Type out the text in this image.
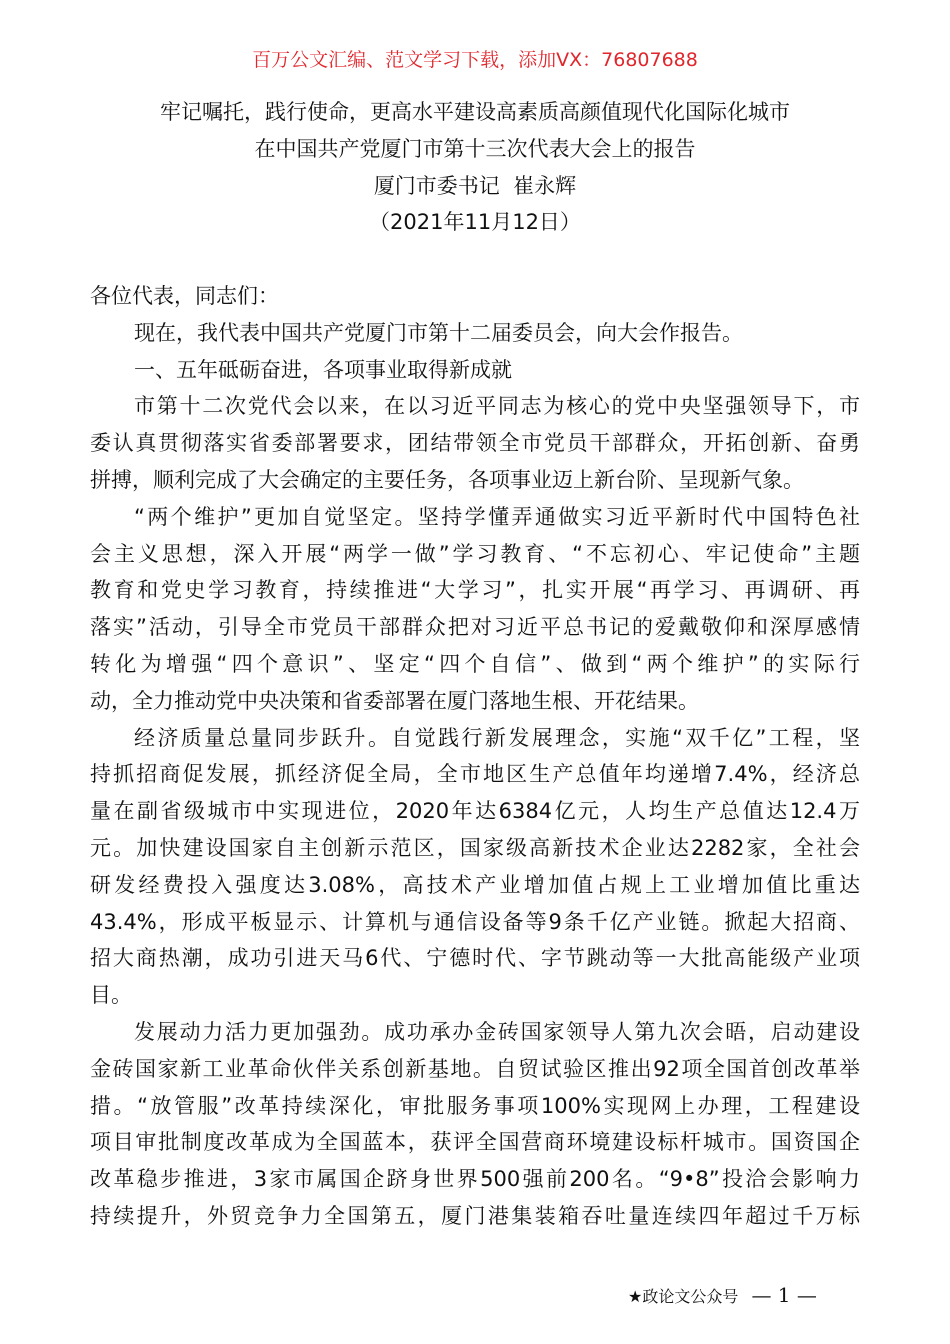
百万公文汇编、范文学习下载，添加VX：76807688
牢记嘱托，践行使命，更高水平建设高素质高颜值现代化国际化城市
在中国共产党厦门市第十三次代表大会上的报告
厦门市委书记  崔永辉
（2021年11月12日）
各位代表，同志们：
现在，我代表中国共产党厦门市第十二届委员会，向大会作报告。
一、五年砥砺奋进，各项事业取得新成就
市第十二次党代会以来，在以习近平同志为核心的党中央坚强领导下，市
委认真贯彻落实省委部署要求，团结带领全市党员干部群众，开拓创新、奋勇
拼搏，顺利完成了大会确定的主要任务，各项事业迈上新台阶、呈现新气象。
“两个维护”更加自觉坚定。坚持学懂弄通做实习近平新时代中国特色社
会主义思想，深入开展“两学一做”学习教育、“不忘初心、牢记使命”主题
教育和党史学习教育，持续推进“大学习”，扎实开展“再学习、再调研、再
落实”活动，引导全市党员干部群众把对习近平总书记的爱戴敬仰和深厚感情
转化为增强“四个意识”、坚定“四个自信”、做到“两个维护”的实际行
动，全力推动党中央决策和省委部署在厦门落地生根、开花结果。
经济质量总量同步跃升。自觉践行新发展理念，实施“双千亿”工程，坚
持抓招商促发展，抓经济促全局，全市地区生产总值年均递增7.4%，经济总
量在副省级城市中实现进位，2020年达6384亿元，人均生产总值达12.4万
元。加快建设国家自主创新示范区，国家级高新技术企业达2282家，全社会
研发经费投入强度达3.08%，高技术产业增加值占规上工业增加值比重达
43.4%，形成平板显示、计算机与通信设备等9条千亿产业链。掀起大招商、
招大商热潮，成功引进天马6代、宁德时代、字节跳动等一大批高能级产业项
目。
发展动力活力更加强劲。成功承办金砖国家领导人第九次会晤，启动建设
金砖国家新工业革命伙伴关系创新基地。自贸试验区推出92项全国首创改革举
措。“放管服”改革持续深化，审批服务事项100%实现网上办理，工程建设
项目审批制度改革成为全国蓝本，获评全国营商环境建设标杆城市。国资国企
改革稳步推进，3家市属国企跻身世界500强前200名。“9•8”投洽会影响力
持续提升，外贸竞争力全国第五，厦门港集装箱吞吐量连续四年超过千万标
★政论文公众号 — 1 —
